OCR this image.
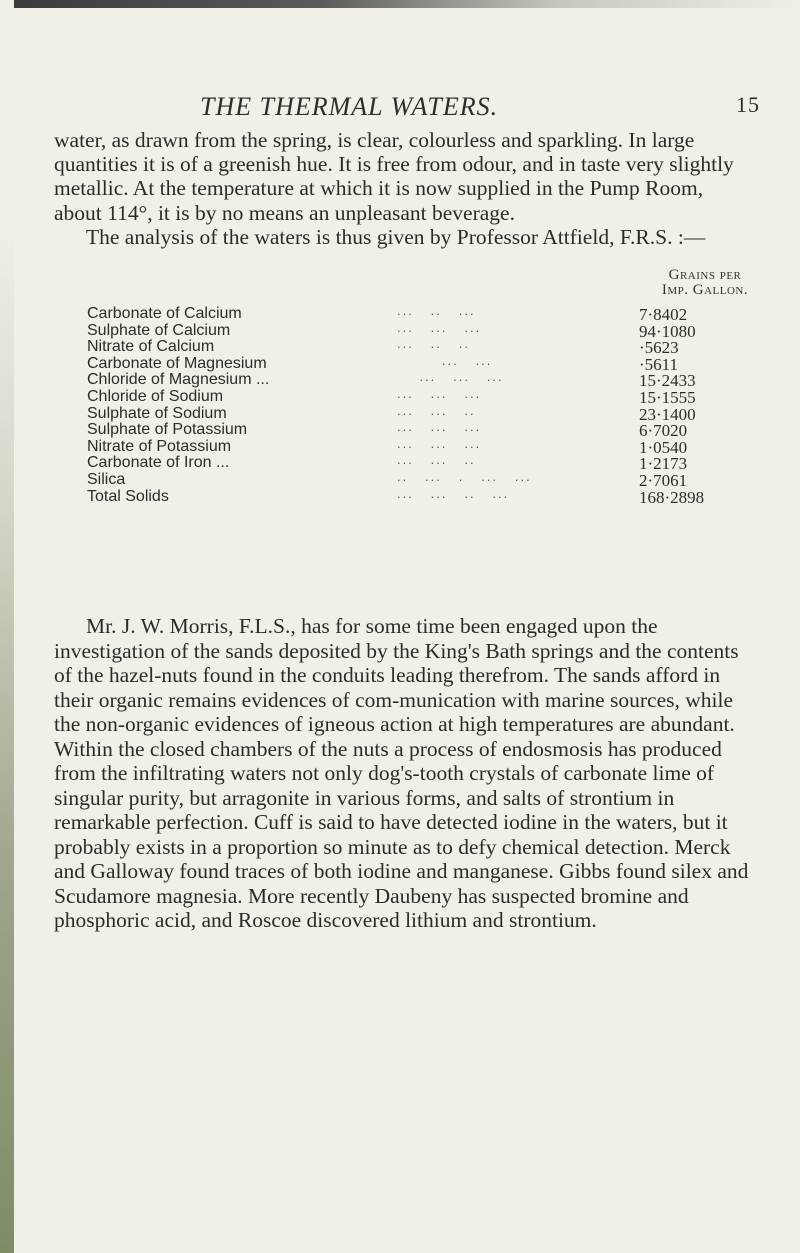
THE THERMAL WATERS.	15
water, as drawn from the spring, is clear, colourless and sparkling. In large quantities it is of a greenish hue. It is free from odour, and in taste very slightly metallic. At the temperature at which it is now supplied in the Pump Room, about 114°, it is by no means an unpleasant beverage.
The analysis of the waters is thus given by Professor Attfield, F.R.S. :—
Grains per
Imp. Gallon.
Carbonate of Calcium	...   ..   ...	7·8402
Sulphate of Calcium	...   ...   ...	94·1080
Nitrate of Calcium	...   ..   ..	·5623
Carbonate of Magnesium	...   ...	·5611
Chloride of Magnesium ...	...   ...   ...	15·2433
Chloride of Sodium	...   ...   ...	15·1555
Sulphate of Sodium	...   ...   ..	23·1400
Sulphate of Potassium	...   ...   ...	6·7020
Nitrate of Potassium	...   ...   ...	1·0540
Carbonate of Iron ...	...   ...   ..	1·2173
Silica	..   ...   .   ...   ...	2·7061
Total Solids	...   ...   ..   ...	168·2898
Mr. J. W. Morris, F.L.S., has for some time been engaged upon the investigation of the sands deposited by the King's Bath springs and the contents of the hazel-nuts found in the conduits leading therefrom. The sands afford in their organic remains evidences of com-munication with marine sources, while the non-organic evidences of igneous action at high temperatures are abundant. Within the closed chambers of the nuts a process of endosmosis has produced from the infiltrating waters not only dog's-tooth crystals of carbonate lime of singular purity, but arragonite in various forms, and salts of strontium in remarkable perfection. Cuff is said to have detected iodine in the waters, but it probably exists in a proportion so minute as to defy chemical detection. Merck and Galloway found traces of both iodine and manganese. Gibbs found silex and Scudamore magnesia. More recently Daubeny has suspected bromine and phosphoric acid, and Roscoe discovered lithium and strontium.
